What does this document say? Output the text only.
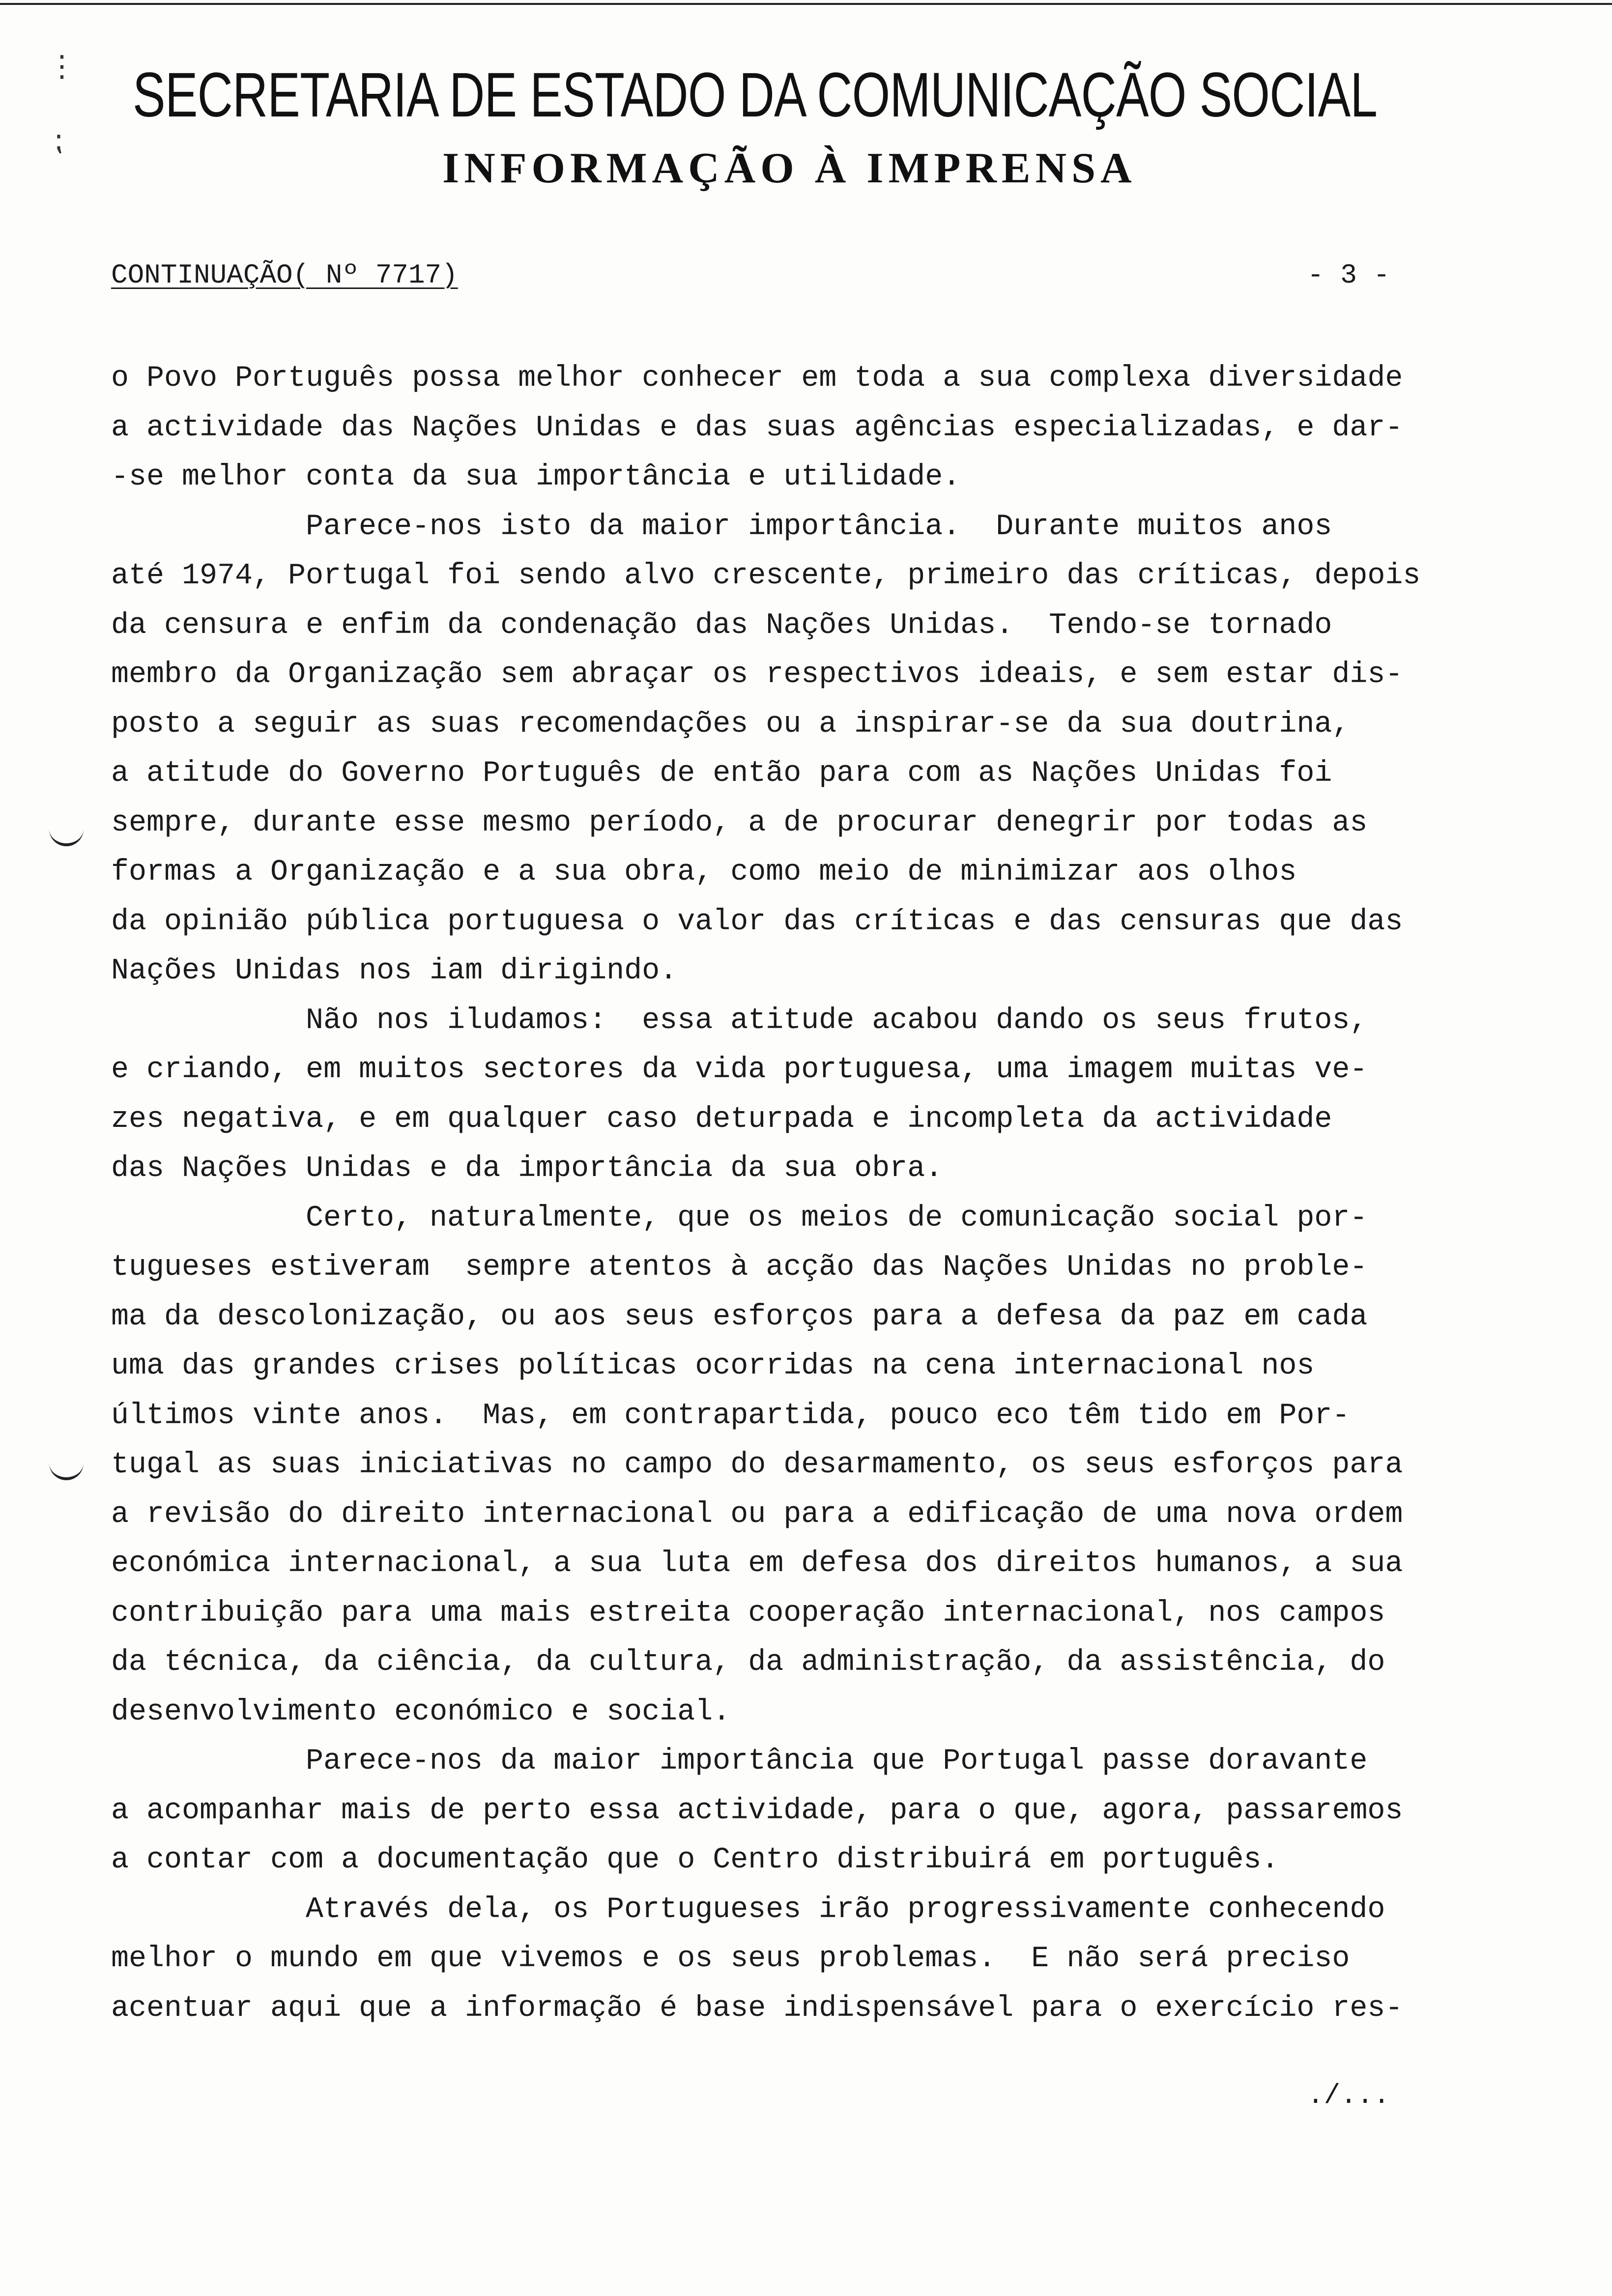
⋮
⁏
SECRETARIA DE ESTADO DA COMUNICAÇÃO SOCIAL
INFORMAÇÃO À IMPRENSA
CONTINUAÇÃO( Nº 7717)	- 3 -
o Povo Português possa melhor conhecer em toda a sua complexa diversidade
a actividade das Nações Unidas e das suas agências especializadas, e dar-
-se melhor conta da sua importância e utilidade.
Parece-nos isto da maior importância.  Durante muitos anos
até 1974, Portugal foi sendo alvo crescente, primeiro das críticas, depois
da censura e enfim da condenação das Nações Unidas.  Tendo-se tornado
membro da Organização sem abraçar os respectivos ideais, e sem estar dis-
posto a seguir as suas recomendações ou a inspirar-se da sua doutrina,
a atitude do Governo Português de então para com as Nações Unidas foi
sempre, durante esse mesmo período, a de procurar denegrir por todas as
formas a Organização e a sua obra, como meio de minimizar aos olhos
da opinião pública portuguesa o valor das críticas e das censuras que das
Nações Unidas nos iam dirigindo.
Não nos iludamos:  essa atitude acabou dando os seus frutos,
e criando, em muitos sectores da vida portuguesa, uma imagem muitas ve-
zes negativa, e em qualquer caso deturpada e incompleta da actividade
das Nações Unidas e da importância da sua obra.
Certo, naturalmente, que os meios de comunicação social por-
tugueses estiveram  sempre atentos à acção das Nações Unidas no proble-
ma da descolonização, ou aos seus esforços para a defesa da paz em cada
uma das grandes crises políticas ocorridas na cena internacional nos
últimos vinte anos.  Mas, em contrapartida, pouco eco têm tido em Por-
tugal as suas iniciativas no campo do desarmamento, os seus esforços para
a revisão do direito internacional ou para a edificação de uma nova ordem
económica internacional, a sua luta em defesa dos direitos humanos, a sua
contribuição para uma mais estreita cooperação internacional, nos campos
da técnica, da ciência, da cultura, da administração, da assistência, do
desenvolvimento económico e social.
Parece-nos da maior importância que Portugal passe doravante
a acompanhar mais de perto essa actividade, para o que, agora, passaremos
a contar com a documentação que o Centro distribuirá em português.
Através dela, os Portugueses irão progressivamente conhecendo
melhor o mundo em que vivemos e os seus problemas.  E não será preciso
acentuar aqui que a informação é base indispensável para o exercício res-
./...
